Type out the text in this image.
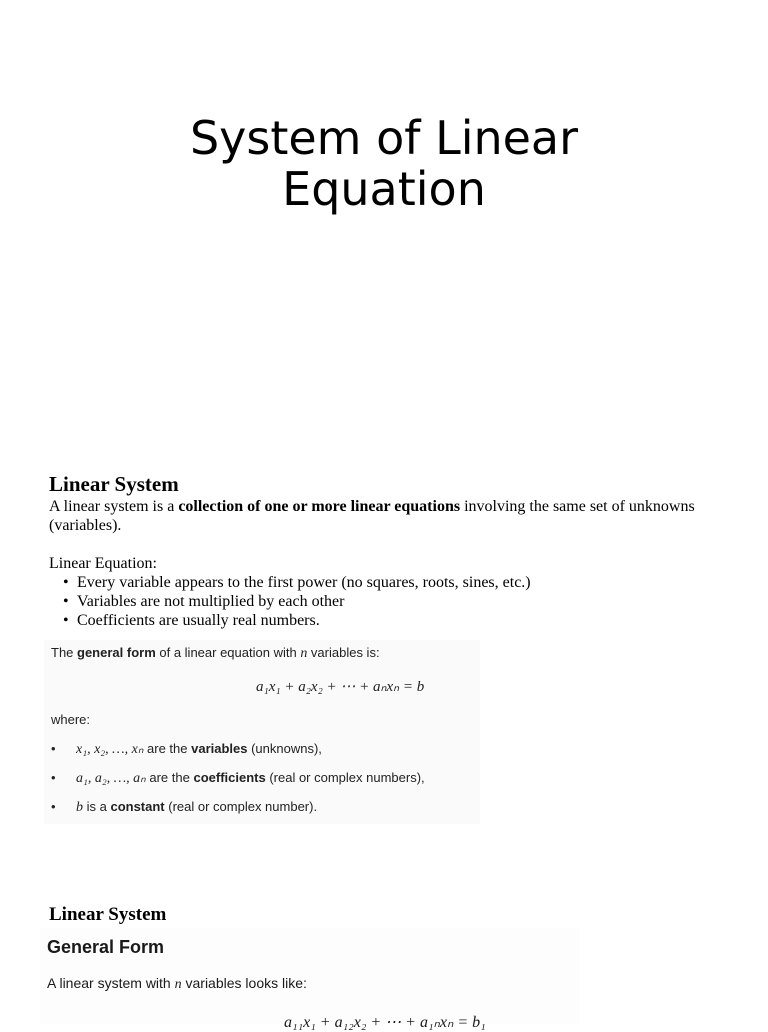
System of Linear
Equation

Linear System

A linear system is a collection of one or more linear equations involving the same set of unknowns (variables).

Linear Equation:

• Every variable appears to the first power (no squares, roots, sines, etc.)
• Variables are not multiplied by each other
• Coefficients are usually real numbers.
The general form of a linear equation with n variables is:
a₁x₁ + a₂x₂ + ⋯ + aₙxₙ = b
where:
• x₁, x₂, …, xₙ are the variables (unknowns),
• a₁, a₂, …, aₙ are the coefficients (real or complex numbers),
• b is a constant (real or complex number).

Linear System

General Form
A linear system with n variables looks like:
a₁₁x₁ + a₁₂x₂ + ⋯ + a₁ₙxₙ = b₁
